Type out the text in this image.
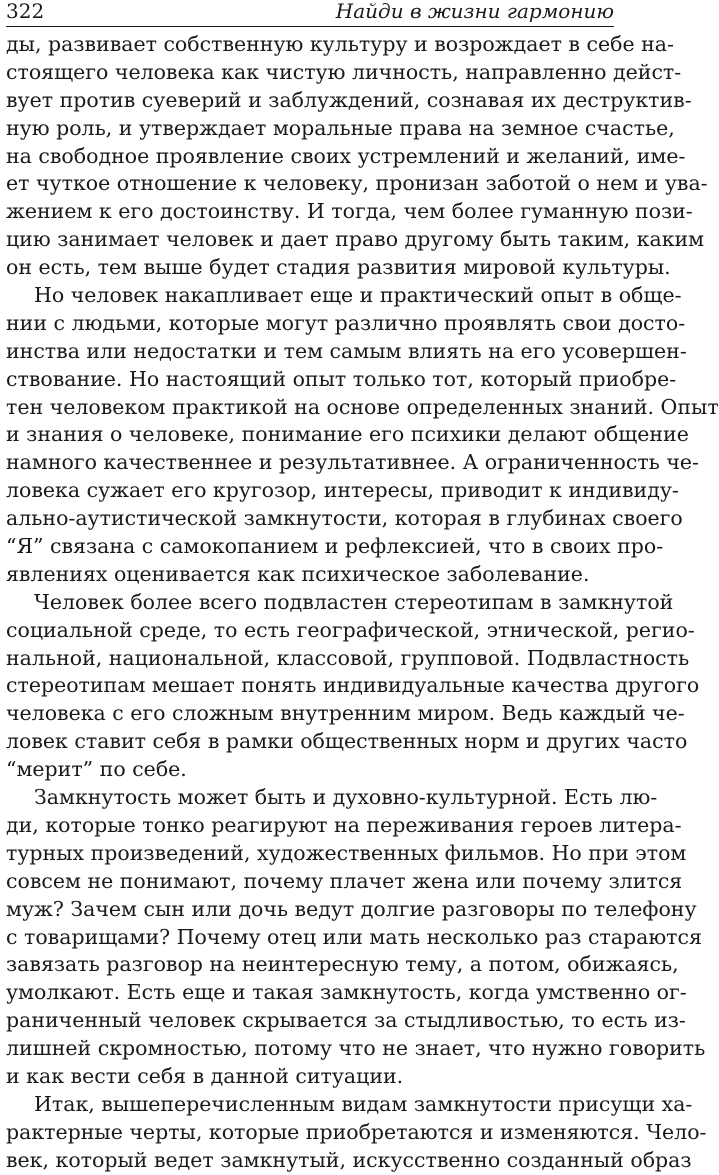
322	Найди в жизни гармонию
ды, развивает собственную культуру и возрождает в себе на-
стоящего человека как чистую личность, направленно дейст-
вует против суеверий и заблуждений, сознавая их деструктив-
ную роль, и утверждает моральные права на земное счастье,
на свободное проявление своих устремлений и желаний, име-
ет чуткое отношение к человеку, пронизан заботой о нем и ува-
жением к его достоинству. И тогда, чем более гуманную пози-
цию занимает человек и дает право другому быть таким, каким
он есть, тем выше будет стадия развития мировой культуры.
Но человек накапливает еще и практический опыт в обще-
нии с людьми, которые могут различно проявлять свои досто-
инства или недостатки и тем самым влиять на его усовершен-
ствование. Но настоящий опыт только тот, который приобре-
тен человеком практикой на основе определенных знаний. Опыт
и знания о человеке, понимание его психики делают общение
намного качественнее и результативнее. А ограниченность че-
ловека сужает его кругозор, интересы, приводит к индивиду-
ально-аутистической замкнутости, которая в глубинах своего
“Я” связана с самокопанием и рефлексией, что в своих про-
явлениях оценивается как психическое заболевание.
Человек более всего подвластен стереотипам в замкнутой
социальной среде, то есть географической, этнической, регио-
нальной, национальной, классовой, групповой. Подвластность
стереотипам мешает понять индивидуальные качества другого
человека с его сложным внутренним миром. Ведь каждый че-
ловек ставит себя в рамки общественных норм и других часто
“мерит” по себе.
Замкнутость может быть и духовно-культурной. Есть лю-
ди, которые тонко реагируют на переживания героев литера-
турных произведений, художественных фильмов. Но при этом
совсем не понимают, почему плачет жена или почему злится
муж? Зачем сын или дочь ведут долгие разговоры по телефону
с товарищами? Почему отец или мать несколько раз стараются
завязать разговор на неинтересную тему, а потом, обижаясь,
умолкают. Есть еще и такая замкнутость, когда умственно ог-
раниченный человек скрывается за стыдливостью, то есть из-
лишней скромностью, потому что не знает, что нужно говорить
и как вести себя в данной ситуации.
Итак, вышеперечисленным видам замкнутости присущи ха-
рактерные черты, которые приобретаются и изменяются. Чело-
век, который ведет замкнутый, искусственно созданный образ
